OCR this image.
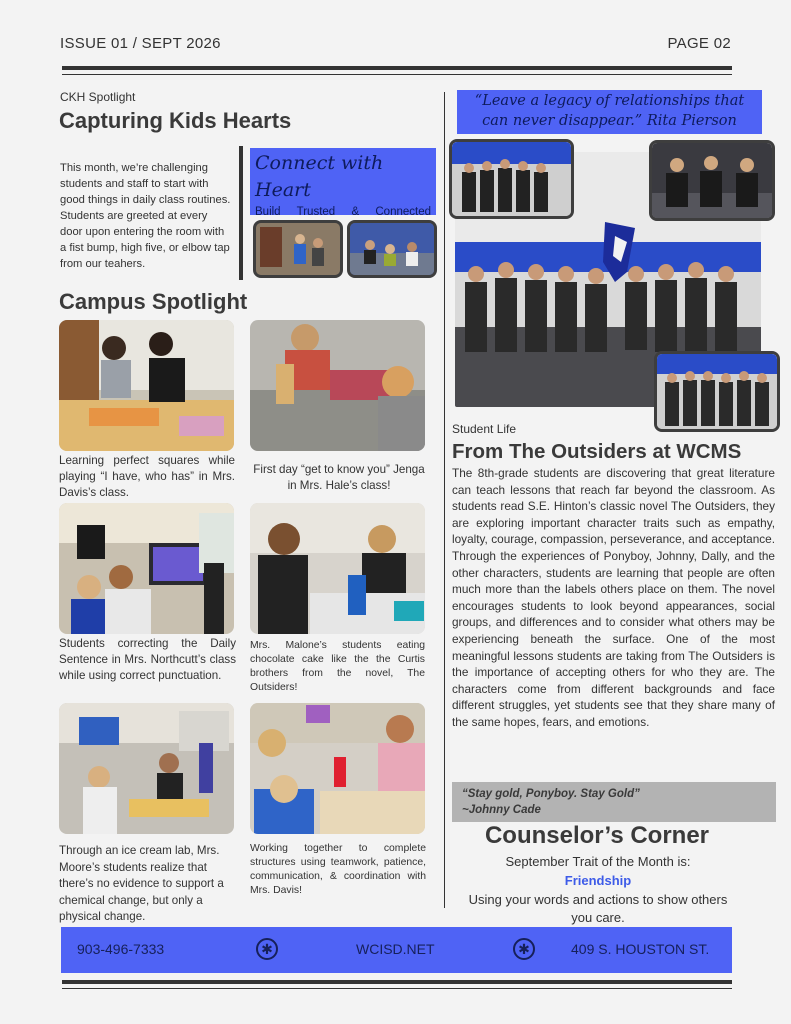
ISSUE 01 / SEPT 2026	PAGE 02
CKH Spotlight
Capturing Kids Hearts
This month, we’re challenging students and staff to start with good things in daily class routines. Students are greeted at every door upon entering the room with a fist bump, high five, or elbow tap from our teahers.
Connect with Heart
Build Trusted & Connected
Campus Spotlight
Learning perfect squares while playing “I have, who has” in Mrs. Davis’s class.
First day “get to know you” Jenga in Mrs. Hale’s class!
Students correcting the Daily Sentence in Mrs. Northcutt’s class while using correct punctuation.
Mrs. Malone’s students eating chocolate cake like the the Curtis brothers from the novel, The Outsiders!
Through an ice cream lab, Mrs. Moore’s students realize that there’s no evidence to support a chemical change, but only a physical change.
Working together to complete structures using teamwork, patience, communication, & coordination with Mrs. Davis!
“Leave a legacy of relationships that can never disappear.” Rita Pierson
Student Life
From The Outsiders at WCMS
The 8th-grade students are discovering that great literature can teach lessons that reach far beyond the classroom. As students read S.E. Hinton’s classic novel The Outsiders, they are exploring important character traits such as empathy, loyalty, courage, compassion, perseverance, and acceptance. Through the experiences of Ponyboy, Johnny, Dally, and the other characters, students are learning that people are often much more than the labels others place on them. The novel encourages students to look beyond appearances, social groups, and differences and to consider what others may be experiencing beneath the surface. One of the most meaningful lessons students are taking from The Outsiders is the importance of accepting others for who they are. The characters come from different backgrounds and face different struggles, yet students see that they share many of the same hopes, fears, and emotions.
“Stay gold, Ponyboy. Stay Gold”
~Johnny Cade
Counselor’s Corner
September Trait of the Month is:
Friendship
Using your words and actions to show others you care.
903-496-7333	✱	WCISD.NET	✱	409 S. HOUSTON ST.
